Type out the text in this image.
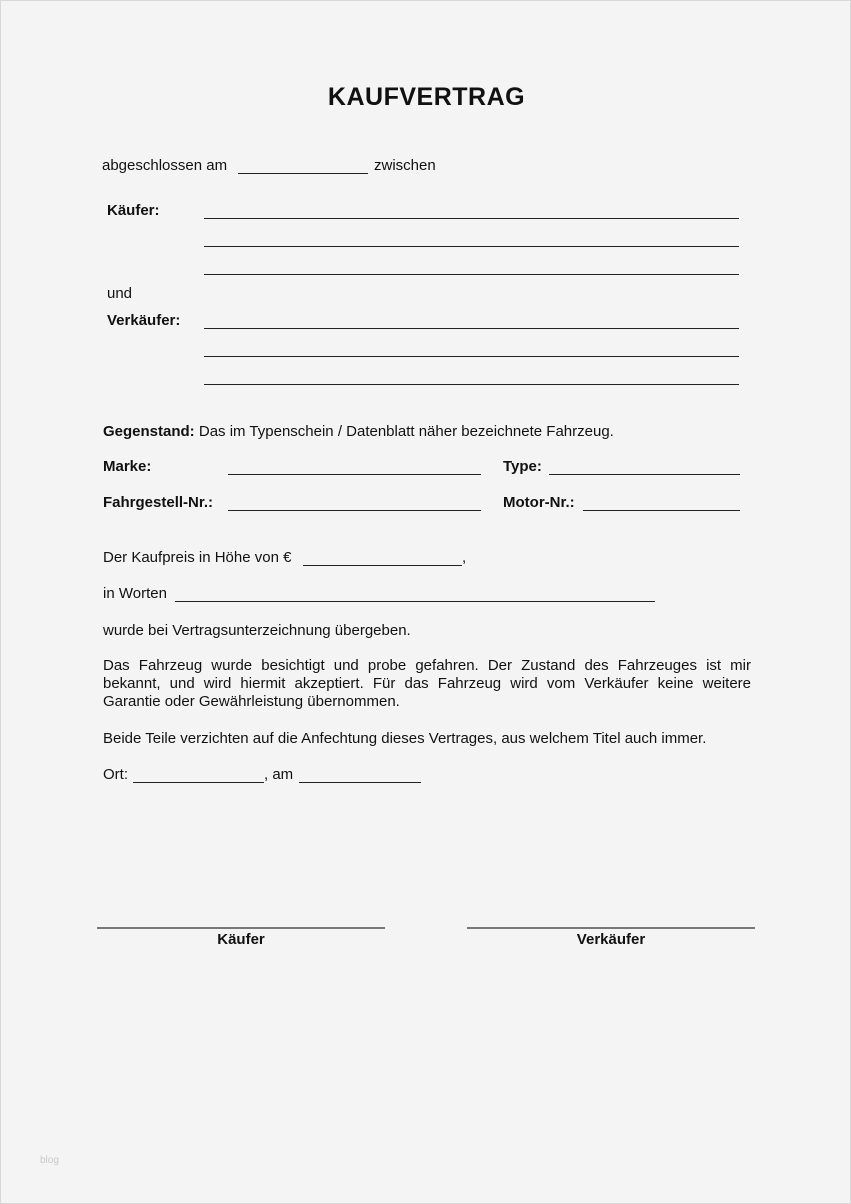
KAUFVERTRAG
abgeschlossen am	zwischen
Käufer:
und
Verkäufer:
Gegenstand: Das im Typenschein / Datenblatt näher bezeichnete Fahrzeug.
Marke:	Type:
Fahrgestell-Nr.:	Motor-Nr.:
Der Kaufpreis in Höhe von €	,
in Worten
wurde bei Vertragsunterzeichnung übergeben.
Das Fahrzeug wurde besichtigt und probe gefahren. Der Zustand des Fahrzeuges ist mir bekannt, und wird hiermit akzeptiert. Für das Fahrzeug wird vom Verkäufer keine weitere Garantie oder Gewährleistung übernommen.
Beide Teile verzichten auf die Anfechtung dieses Vertrages, aus welchem Titel auch immer.
Ort:	, am
Käufer	Verkäufer
blog
